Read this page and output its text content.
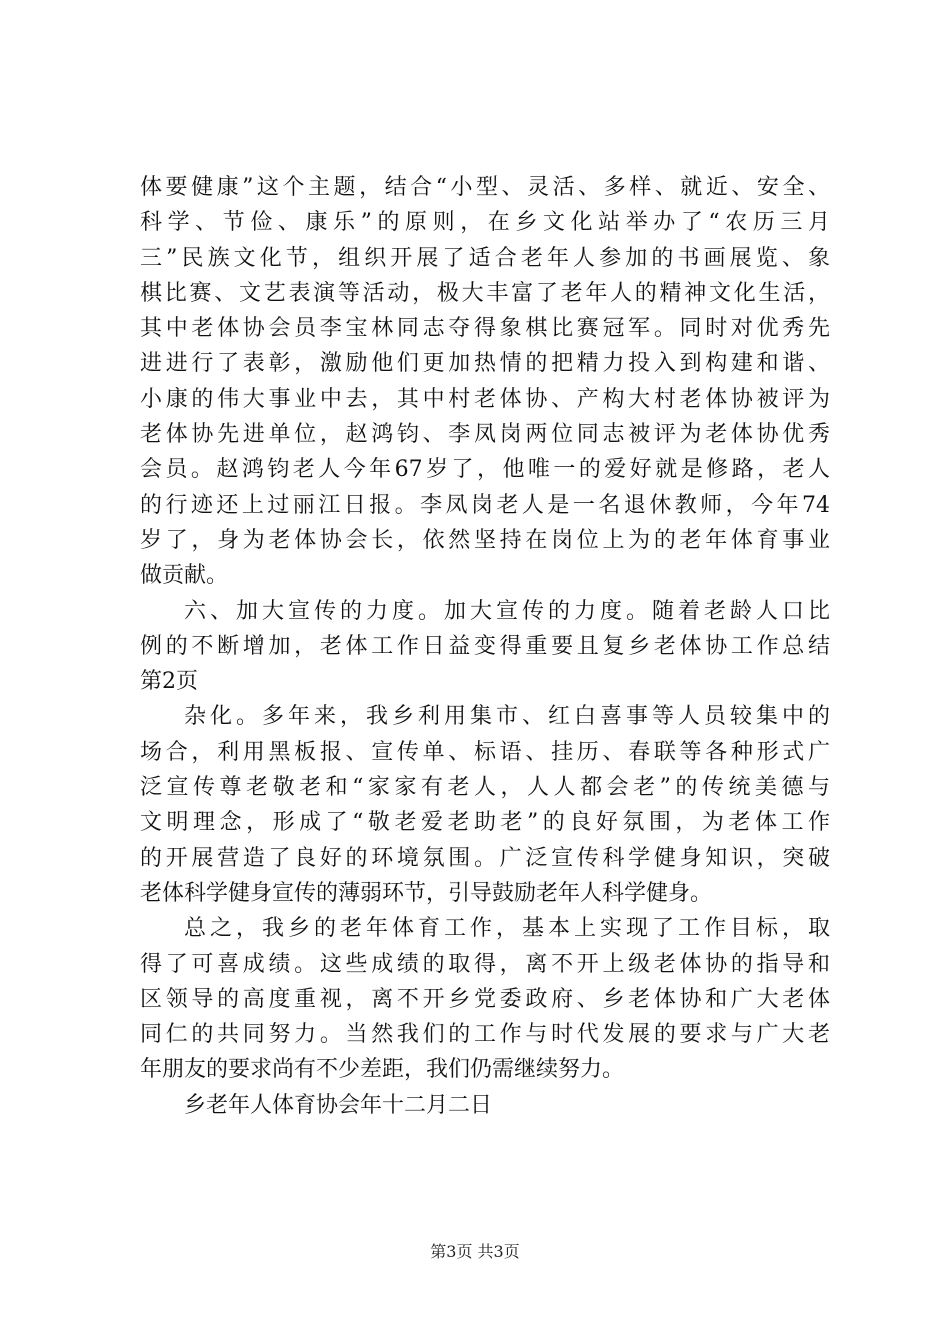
体要健康”这个主题，结合“小型、灵活、多样、就近、安全、
科学、节俭、康乐”的原则，在乡文化站举办了“农历三月
三”民族文化节，组织开展了适合老年人参加的书画展览、象
棋比赛、文艺表演等活动，极大丰富了老年人的精神文化生活，
其中老体协会员李宝林同志夺得象棋比赛冠军。同时对优秀先
进进行了表彰，激励他们更加热情的把精力投入到构建和谐、
小康的伟大事业中去，其中村老体协、产构大村老体协被评为
老体协先进单位，赵鸿钧、李凤岗两位同志被评为老体协优秀
会员。赵鸿钧老人今年67岁了，他唯一的爱好就是修路，老人
的行迹还上过丽江日报。李凤岗老人是一名退休教师，今年74
岁了，身为老体协会长，依然坚持在岗位上为的老年体育事业
做贡献。
六、加大宣传的力度。加大宣传的力度。随着老龄人口比
例的不断增加，老体工作日益变得重要且复乡老体协工作总结
第2页
杂化。多年来，我乡利用集市、红白喜事等人员较集中的
场合，利用黑板报、宣传单、标语、挂历、春联等各种形式广
泛宣传尊老敬老和“家家有老人，人人都会老”的传统美德与
文明理念，形成了“敬老爱老助老”的良好氛围，为老体工作
的开展营造了良好的环境氛围。广泛宣传科学健身知识，突破
老体科学健身宣传的薄弱环节，引导鼓励老年人科学健身。
总之，我乡的老年体育工作，基本上实现了工作目标，取
得了可喜成绩。这些成绩的取得，离不开上级老体协的指导和
区领导的高度重视，离不开乡党委政府、乡老体协和广大老体
同仁的共同努力。当然我们的工作与时代发展的要求与广大老
年朋友的要求尚有不少差距，我们仍需继续努力。
乡老年人体育协会年十二月二日
第3页 共3页
